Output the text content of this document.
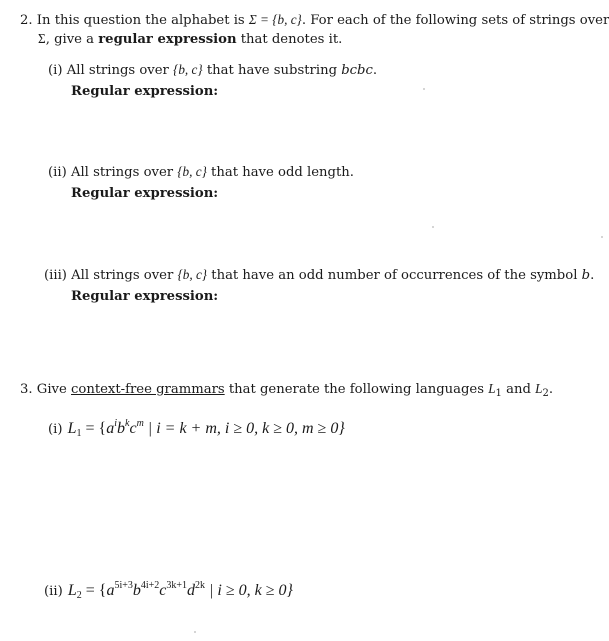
2. In this question the alphabet is Σ = {b, c}. For each of the following sets of strings over
Σ, give a regular expression that denotes it.
(i) All strings over {b, c} that have substring bcbc.
Regular expression:
(ii) All strings over {b, c} that have odd length.
Regular expression:
(iii) All strings over {b, c} that have an odd number of occurrences of the symbol b.
Regular expression:
3. Give context-free grammars that generate the following languages $L_1$ and $L_2$.
(i) $L_1 = \{a^ib^kc^m$ | i = k + m, i ≥ 0, k ≥ 0, m ≥ 0}
(ii) $L_2 = \{a^{5i+3}b^{4i+2}c^{3k+1}d^{2k}$ | i ≥ 0, k ≥ 0}
